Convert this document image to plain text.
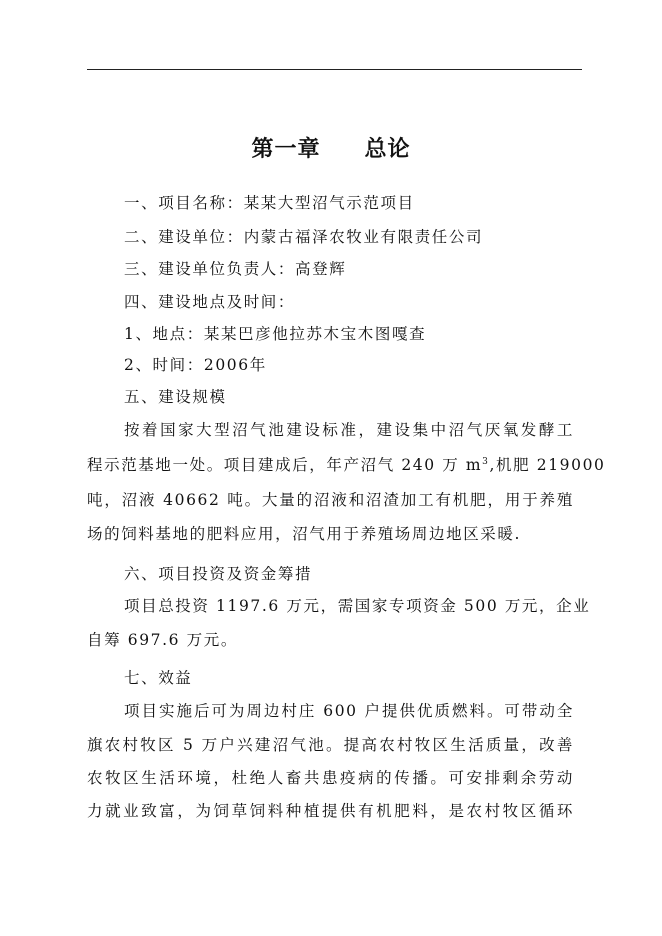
第一章 总论
一、项目名称：某某大型沼气示范项目
二、建设单位：内蒙古福泽农牧业有限责任公司
三、建设单位负责人：高登辉
四、建设地点及时间：
1、地点：某某巴彦他拉苏木宝木图嘎查
2、时间：2006年
五、建设规模
按着国家大型沼气池建设标准，建设集中沼气厌氧发酵工
程示范基地一处。项目建成后，年产沼气 240 万 $m^3$,机肥 219000
吨，沼液 40662 吨。大量的沼液和沼渣加工有机肥，用于养殖
场的饲料基地的肥料应用，沼气用于养殖场周边地区采暖.
六、项目投资及资金筹措
项目总投资 1197.6 万元，需国家专项资金 500 万元，企业
自筹 697.6 万元。
七、效益
项目实施后可为周边村庄 600 户提供优质燃料。可带动全
旗农村牧区 5 万户兴建沼气池。提高农村牧区生活质量，改善
农牧区生活环境，杜绝人畜共患疫病的传播。可安排剩余劳动
力就业致富，为饲草饲料种植提供有机肥料，是农村牧区循环
